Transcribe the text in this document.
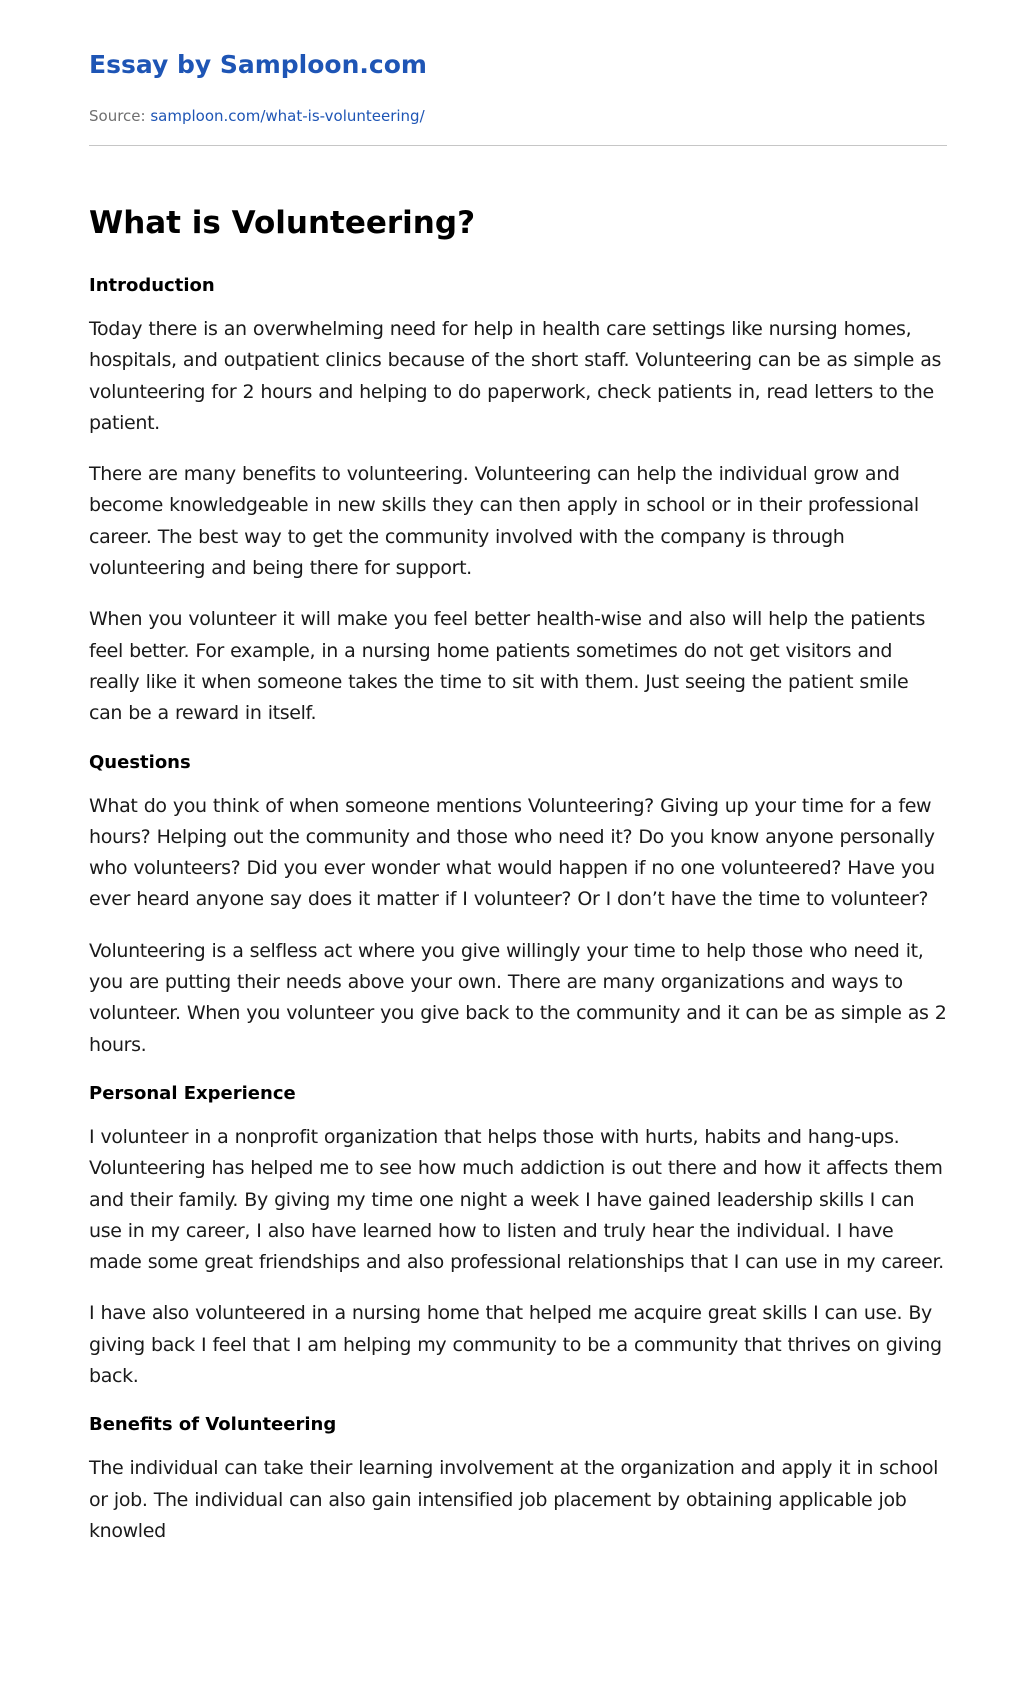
Essay by Samploon.com
Source: samploon.com/what-is-volunteering/
What is Volunteering?
Introduction

Today there is an overwhelming need for help in health care settings like nursing homes, hospitals, and outpatient clinics because of the short staff. Volunteering can be as simple as volunteering for 2 hours and helping to do paperwork, check patients in, read letters to the patient.

There are many benefits to volunteering. Volunteering can help the individual grow and become knowledgeable in new skills they can then apply in school or in their professional career. The best way to get the community involved with the company is through volunteering and being there for support.

When you volunteer it will make you feel better health-wise and also will help the patients feel better. For example, in a nursing home patients sometimes do not get visitors and really like it when someone takes the time to sit with them. Just seeing the patient smile can be a reward in itself.

Questions

What do you think of when someone mentions Volunteering? Giving up your time for a few hours? Helping out the community and those who need it? Do you know anyone personally who volunteers? Did you ever wonder what would happen if no one volunteered? Have you ever heard anyone say does it matter if I volunteer? Or I don’t have the time to volunteer?

Volunteering is a selfless act where you give willingly your time to help those who need it, you are putting their needs above your own. There are many organizations and ways to volunteer. When you volunteer you give back to the community and it can be as simple as 2 hours.

Personal Experience

I volunteer in a nonprofit organization that helps those with hurts, habits and hang-ups. Volunteering has helped me to see how much addiction is out there and how it affects them and their family. By giving my time one night a week I have gained leadership skills I can use in my career, I also have learned how to listen and truly hear the individual. I have made some great friendships and also professional relationships that I can use in my career.

I have also volunteered in a nursing home that helped me acquire great skills I can use. By giving back I feel that I am helping my community to be a community that thrives on giving back.

Benefits of Volunteering

The individual can take their learning involvement at the organization and apply it in school or job. The individual can also gain intensified job placement by obtaining applicable job knowled
